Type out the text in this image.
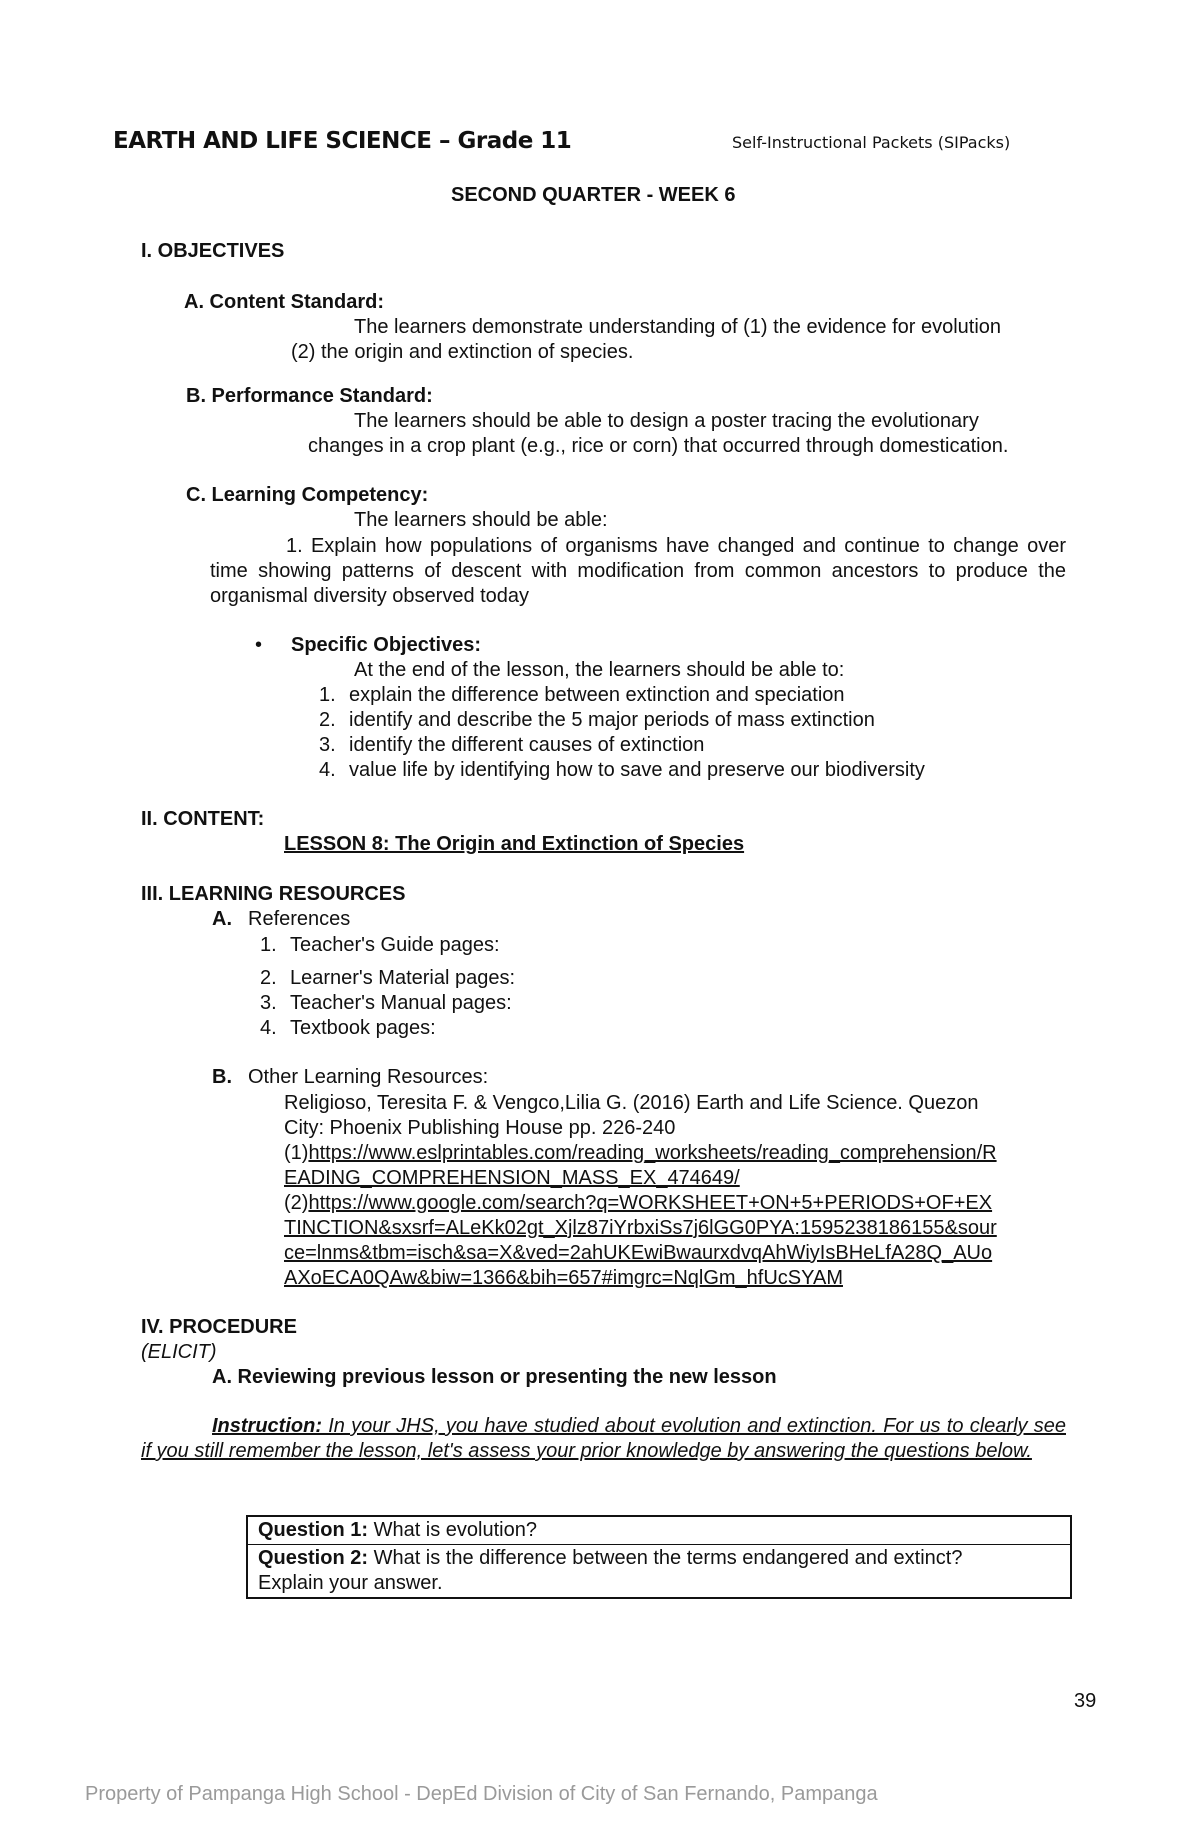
EARTH AND LIFE SCIENCE – Grade 11	Self-Instructional Packets (SIPacks)
SECOND QUARTER - WEEK 6
I. OBJECTIVES
A. Content Standard:
The learners demonstrate understanding of (1) the evidence for evolution
(2) the origin and extinction of species.
B. Performance Standard:
The learners should be able to design a poster tracing the evolutionary
changes in a crop plant (e.g., rice or corn) that occurred through domestication.
C. Learning Competency:
The learners should be able:
1. Explain how populations of organisms have changed and continue to change over time showing patterns of descent with modification from common ancestors to produce the organismal diversity observed today
• Specific Objectives:
At the end of the lesson, the learners should be able to:
1. explain the difference between extinction and speciation
2. identify and describe the 5 major periods of mass extinction
3. identify the different causes of extinction
4. value life by identifying how to save and preserve our biodiversity
II. CONTENT:
LESSON 8: The Origin and Extinction of Species
III. LEARNING RESOURCES
A. References
1. Teacher's Guide pages:
2. Learner's Material pages:
3. Teacher's Manual pages:
4. Textbook pages:
B. Other Learning Resources:
Religioso, Teresita F. & Vengco,Lilia G. (2016) Earth and Life Science. Quezon
City: Phoenix Publishing House pp. 226-240
(1)https://www.eslprintables.com/reading_worksheets/reading_comprehension/R
EADING_COMPREHENSION_MASS_EX_474649/
(2)https://www.google.com/search?q=WORKSHEET+ON+5+PERIODS+OF+EX
TINCTION&sxsrf=ALeKk02gt_Xjlz87iYrbxiSs7j6lGG0PYA:1595238186155&sour
ce=lnms&tbm=isch&sa=X&ved=2ahUKEwiBwaurxdvqAhWiyIsBHeLfA28Q_AUo
AXoECA0QAw&biw=1366&bih=657#imgrc=NqlGm_hfUcSYAM
IV. PROCEDURE
(ELICIT)
A. Reviewing previous lesson or presenting the new lesson
Instruction: In your JHS, you have studied about evolution and extinction. For us to clearly see if you still remember the lesson, let's assess your prior knowledge by answering the questions below.
Question 1: What is evolution?
Question 2: What is the difference between the terms endangered and extinct?
Explain your answer.
39
Property of Pampanga High School - DepEd Division of City of San Fernando, Pampanga
